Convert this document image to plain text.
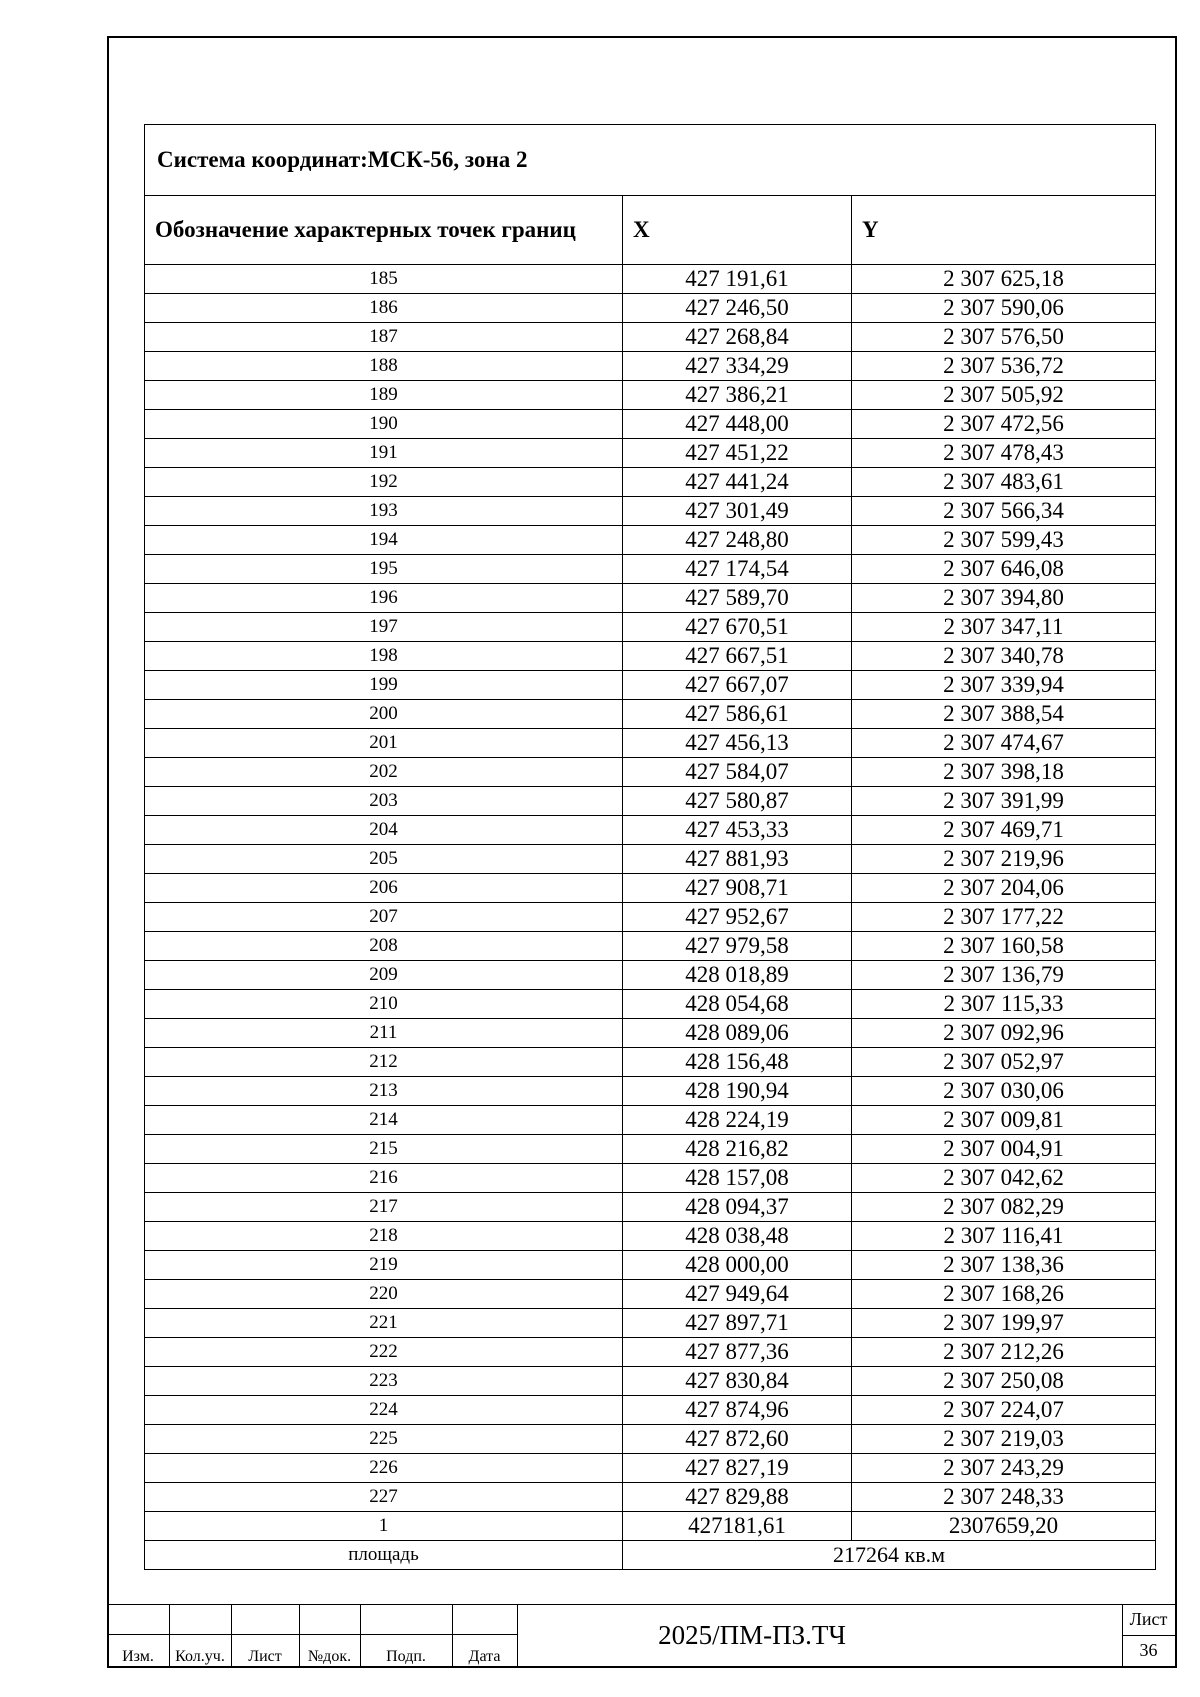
Система координат:МСК-56, зона 2		
Обозначение характерных точек границ	X	Y
185	427 191,61	2 307 625,18
186	427 246,50	2 307 590,06
187	427 268,84	2 307 576,50
188	427 334,29	2 307 536,72
189	427 386,21	2 307 505,92
190	427 448,00	2 307 472,56
191	427 451,22	2 307 478,43
192	427 441,24	2 307 483,61
193	427 301,49	2 307 566,34
194	427 248,80	2 307 599,43
195	427 174,54	2 307 646,08
196	427 589,70	2 307 394,80
197	427 670,51	2 307 347,11
198	427 667,51	2 307 340,78
199	427 667,07	2 307 339,94
200	427 586,61	2 307 388,54
201	427 456,13	2 307 474,67
202	427 584,07	2 307 398,18
203	427 580,87	2 307 391,99
204	427 453,33	2 307 469,71
205	427 881,93	2 307 219,96
206	427 908,71	2 307 204,06
207	427 952,67	2 307 177,22
208	427 979,58	2 307 160,58
209	428 018,89	2 307 136,79
210	428 054,68	2 307 115,33
211	428 089,06	2 307 092,96
212	428 156,48	2 307 052,97
213	428 190,94	2 307 030,06
214	428 224,19	2 307 009,81
215	428 216,82	2 307 004,91
216	428 157,08	2 307 042,62
217	428 094,37	2 307 082,29
218	428 038,48	2 307 116,41
219	428 000,00	2 307 138,36
220	427 949,64	2 307 168,26
221	427 897,71	2 307 199,97
222	427 877,36	2 307 212,26
223	427 830,84	2 307 250,08
224	427 874,96	2 307 224,07
225	427 872,60	2 307 219,03
226	427 827,19	2 307 243,29
227	427 829,88	2 307 248,33
1	427181,61	2307659,20
площадь	217264 кв.м	
Изм.	Кол.уч.	Лист	№док.	Подп.	Дата
2025/ПМ-ПЗ.ТЧ
Лист
36
